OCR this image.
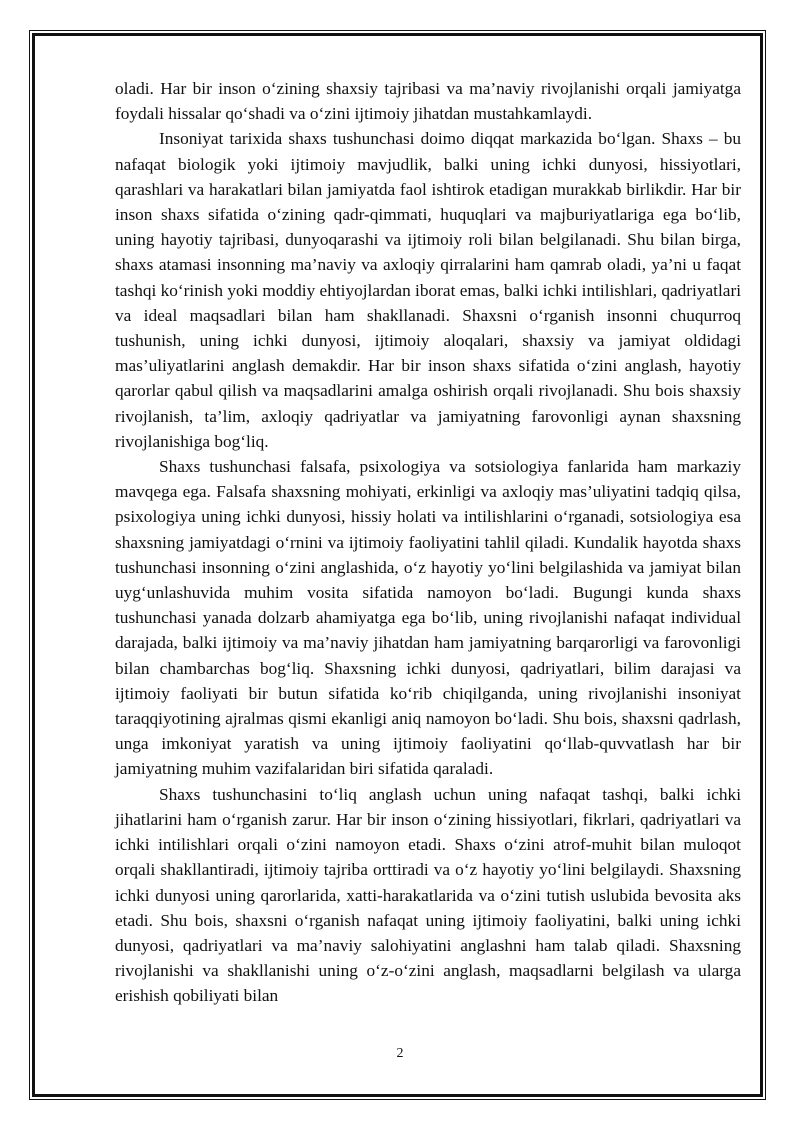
oladi. Har bir inson o‘zining shaxsiy tajribasi va ma’naviy rivojlanishi orqali jamiyatga foydali hissalar qo‘shadi va o‘zini ijtimoiy jihatdan mustahkamlaydi.

Insoniyat tarixida shaxs tushunchasi doimo diqqat markazida bo‘lgan. Shaxs – bu nafaqat biologik yoki ijtimoiy mavjudlik, balki uning ichki dunyosi, hissiyotlari, qarashlari va harakatlari bilan jamiyatda faol ishtirok etadigan murakkab birlikdir. Har bir inson shaxs sifatida o‘zining qadr-qimmati, huquqlari va majburiyatlariga ega bo‘lib, uning hayotiy tajribasi, dunyoqarashi va ijtimoiy roli bilan belgilanadi. Shu bilan birga, shaxs atamasi insonning ma’naviy va axloqiy qirralarini ham qamrab oladi, ya’ni u faqat tashqi ko‘rinish yoki moddiy ehtiyojlardan iborat emas, balki ichki intilishlari, qadriyatlari va ideal maqsadlari bilan ham shakllanadi. Shaxsni o‘rganish insonni chuqurroq tushunish, uning ichki dunyosi, ijtimoiy aloqalari, shaxsiy va jamiyat oldidagi mas’uliyatlarini anglash demakdir. Har bir inson shaxs sifatida o‘zini anglash, hayotiy qarorlar qabul qilish va maqsadlarini amalga oshirish orqali rivojlanadi. Shu bois shaxsiy rivojlanish, ta’lim, axloqiy qadriyatlar va jamiyatning farovonligi aynan shaxsning rivojlanishiga bog‘liq.

Shaxs tushunchasi falsafa, psixologiya va sotsiologiya fanlarida ham markaziy mavqega ega. Falsafa shaxsning mohiyati, erkinligi va axloqiy mas’uliyatini tadqiq qilsa, psixologiya uning ichki dunyosi, hissiy holati va intilishlarini o‘rganadi, sotsiologiya esa shaxsning jamiyatdagi o‘rnini va ijtimoiy faoliyatini tahlil qiladi. Kundalik hayotda shaxs tushunchasi insonning o‘zini anglashida, o‘z hayotiy yo‘lini belgilashida va jamiyat bilan uyg‘unlashuvida muhim vosita sifatida namoyon bo‘ladi. Bugungi kunda shaxs tushunchasi yanada dolzarb ahamiyatga ega bo‘lib, uning rivojlanishi nafaqat individual darajada, balki ijtimoiy va ma’naviy jihatdan ham jamiyatning barqarorligi va farovonligi bilan chambarchas bog‘liq. Shaxsning ichki dunyosi, qadriyatlari, bilim darajasi va ijtimoiy faoliyati bir butun sifatida ko‘rib chiqilganda, uning rivojlanishi insoniyat taraqqiyotining ajralmas qismi ekanligi aniq namoyon bo‘ladi. Shu bois, shaxsni qadrlash, unga imkoniyat yaratish va uning ijtimoiy faoliyatini qo‘llab-quvvatlash har bir jamiyatning muhim vazifalaridan biri sifatida qaraladi.

Shaxs tushunchasini to‘liq anglash uchun uning nafaqat tashqi, balki ichki jihatlarini ham o‘rganish zarur. Har bir inson o‘zining hissiyotlari, fikrlari, qadriyatlari va ichki intilishlari orqali o‘zini namoyon etadi. Shaxs o‘zini atrof-muhit bilan muloqot orqali shakllantiradi, ijtimoiy tajriba orttiradi va o‘z hayotiy yo‘lini belgilaydi. Shaxsning ichki dunyosi uning qarorlarida, xatti-harakatlarida va o‘zini tutish uslubida bevosita aks etadi. Shu bois, shaxsni o‘rganish nafaqat uning ijtimoiy faoliyatini, balki uning ichki dunyosi, qadriyatlari va ma’naviy salohiyatini anglashni ham talab qiladi. Shaxsning rivojlanishi va shakllanishi uning o‘z-o‘zini anglash, maqsadlarni belgilash va ularga erishish qobiliyati bilan

2
